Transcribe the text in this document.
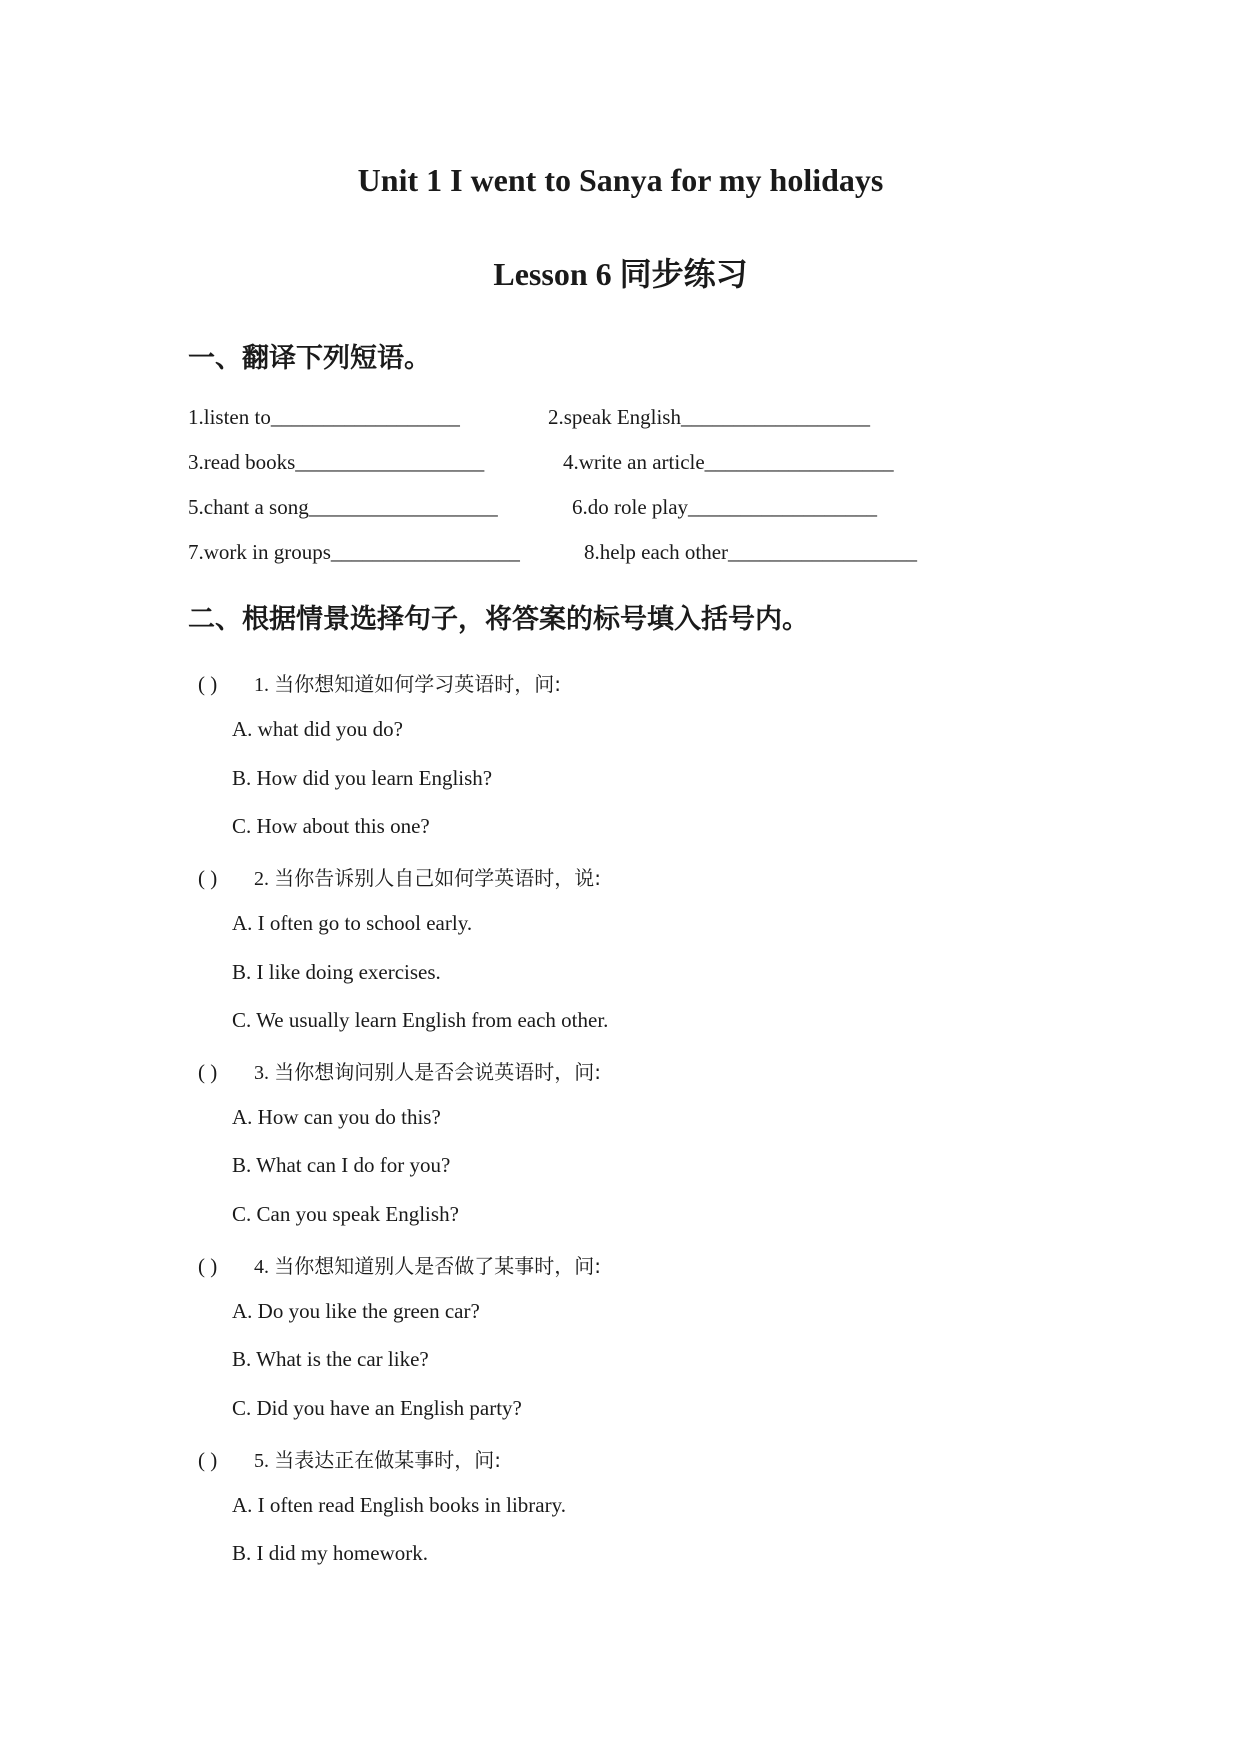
Unit 1 I went to Sanya for my holidays
Lesson 6 同步练习
一、翻译下列短语。
1.listen to__________________	2.speak English__________________
3.read books__________________	4.write an article__________________
5.chant a song__________________	6.do role play__________________
7.work in groups__________________	8.help each other__________________
二、根据情景选择句子，将答案的标号填入括号内。
( ) 1. 当你想知道如何学习英语时，问:
A. what did you do?
B. How did you learn English?
C. How about this one?
( ) 2. 当你告诉别人自己如何学英语时，说:
A. I often go to school early.
B. I like doing exercises.
C. We usually learn English from each other.
( ) 3. 当你想询问别人是否会说英语时，问:
A. How can you do this?
B. What can I do for you?
C. Can you speak English?
( ) 4. 当你想知道别人是否做了某事时，问:
A. Do you like the green car?
B. What is the car like?
C. Did you have an English party?
( ) 5. 当表达正在做某事时，问:
A. I often read English books in library.
B. I did my homework.
